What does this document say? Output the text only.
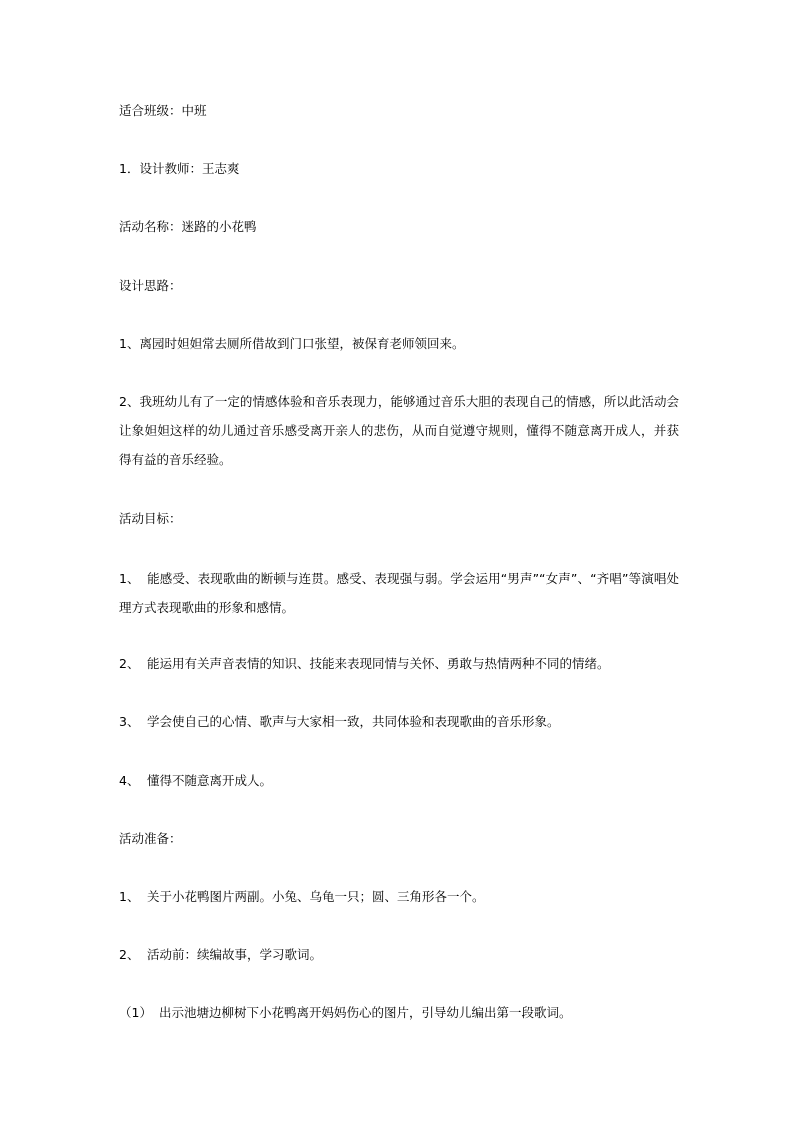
适合班级：中班
1．设计教师：王志爽
活动名称：迷路的小花鸭
设计思路：
1、离园时妲妲常去厕所借故到门口张望，被保育老师领回来。
2、我班幼儿有了一定的情感体验和音乐表现力，能够通过音乐大胆的表现自己的情感，所以此活动会让象妲妲这样的幼儿通过音乐感受离开亲人的悲伤，从而自觉遵守规则，懂得不随意离开成人，并获得有益的音乐经验。
活动目标：
1、 能感受、表现歌曲的断顿与连贯。感受、表现强与弱。学会运用“男声”“女声”、“齐唱”等演唱处理方式表现歌曲的形象和感情。
2、 能运用有关声音表情的知识、技能来表现同情与关怀、勇敢与热情两种不同的情绪。
3、 学会使自己的心情、歌声与大家相一致，共同体验和表现歌曲的音乐形象。
4、 懂得不随意离开成人。
活动准备：
1、 关于小花鸭图片两副。小兔、乌龟一只；圆、三角形各一个。
2、 活动前：续编故事，学习歌词。
（1） 出示池塘边柳树下小花鸭离开妈妈伤心的图片，引导幼儿编出第一段歌词。
